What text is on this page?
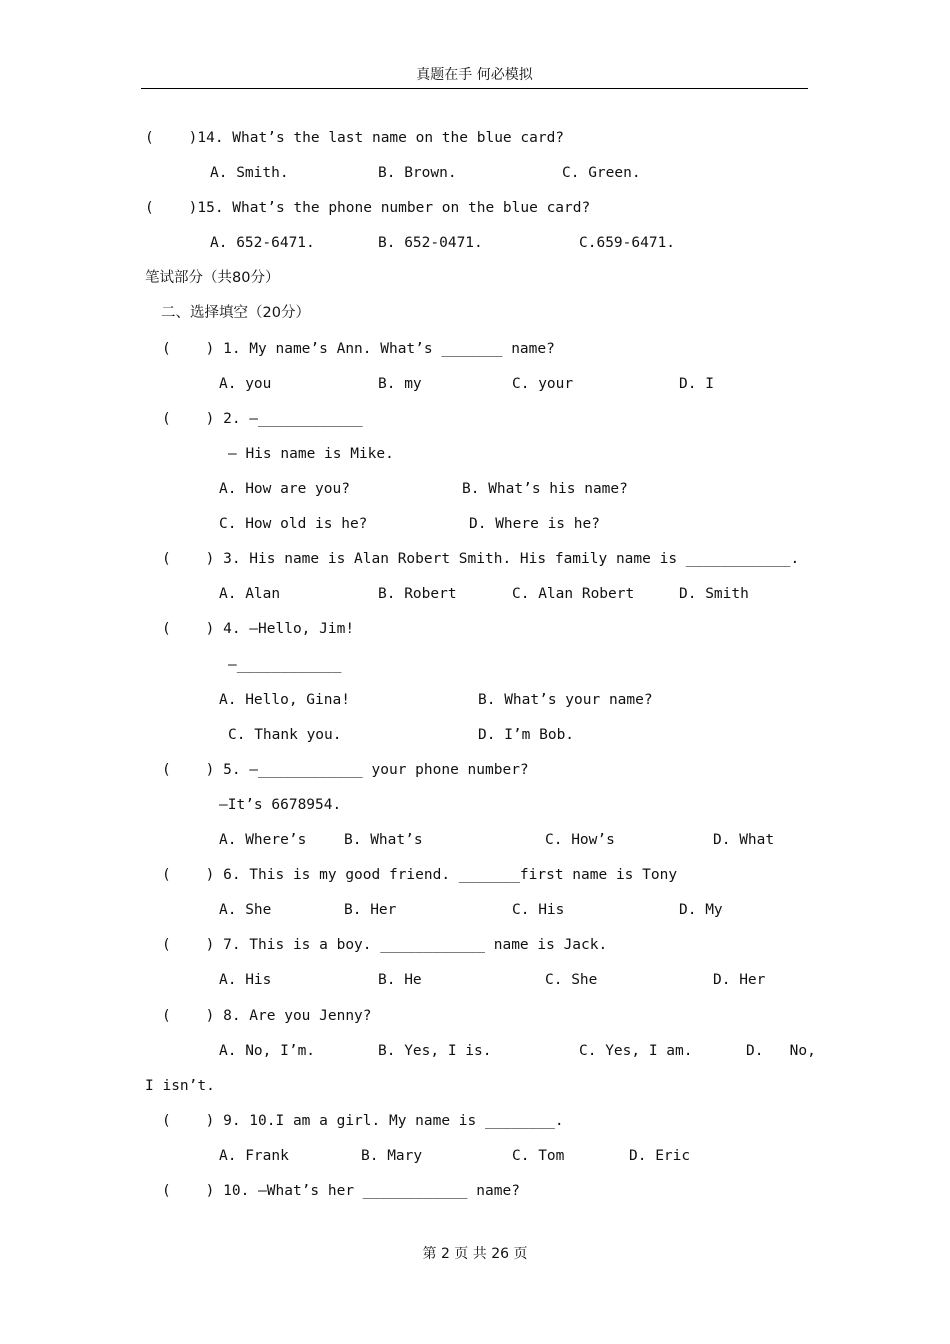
真题在手 何必模拟
(    )14. What’s the last name on the blue card?
A. Smith.	B. Brown.	C. Green.
(    )15. What’s the phone number on the blue card?
A. 652-6471.	B. 652-0471.	C.659-6471.
笔试部分（共80分）
二、选择填空（20分）
(    ) 1. My name’s Ann. What’s _______ name?
A. you	B. my	C. your	D. I
(    ) 2. —____________
— His name is Mike.
A. How are you?	B. What’s his name?
C. How old is he?	D. Where is he?
(    ) 3. His name is Alan Robert Smith. His family name is ____________.
A. Alan	B. Robert	C. Alan Robert	D. Smith
(    ) 4. —Hello, Jim!
—____________
A. Hello, Gina!	B. What’s your name?
C. Thank you.	D. I’m Bob.
(    ) 5. —____________ your phone number?
—It’s 6678954.
A. Where’s	B. What’s	C. How’s	D. What
(    ) 6. This is my good friend. _______first name is Tony
A. She	B. Her	C. His	D. My
(    ) 7. This is a boy. ____________ name is Jack.
A. His	B. He	C. She	D. Her
(    ) 8. Are you Jenny?
A. No, I’m.	B. Yes, I is.	C. Yes, I am.	D.   No,
I isn’t.
(    ) 9. 10.I am a girl. My name is ________.
A. Frank	B. Mary	C. Tom	D. Eric
(    ) 10. —What’s her ____________ name?
第 2 页 共 26 页
